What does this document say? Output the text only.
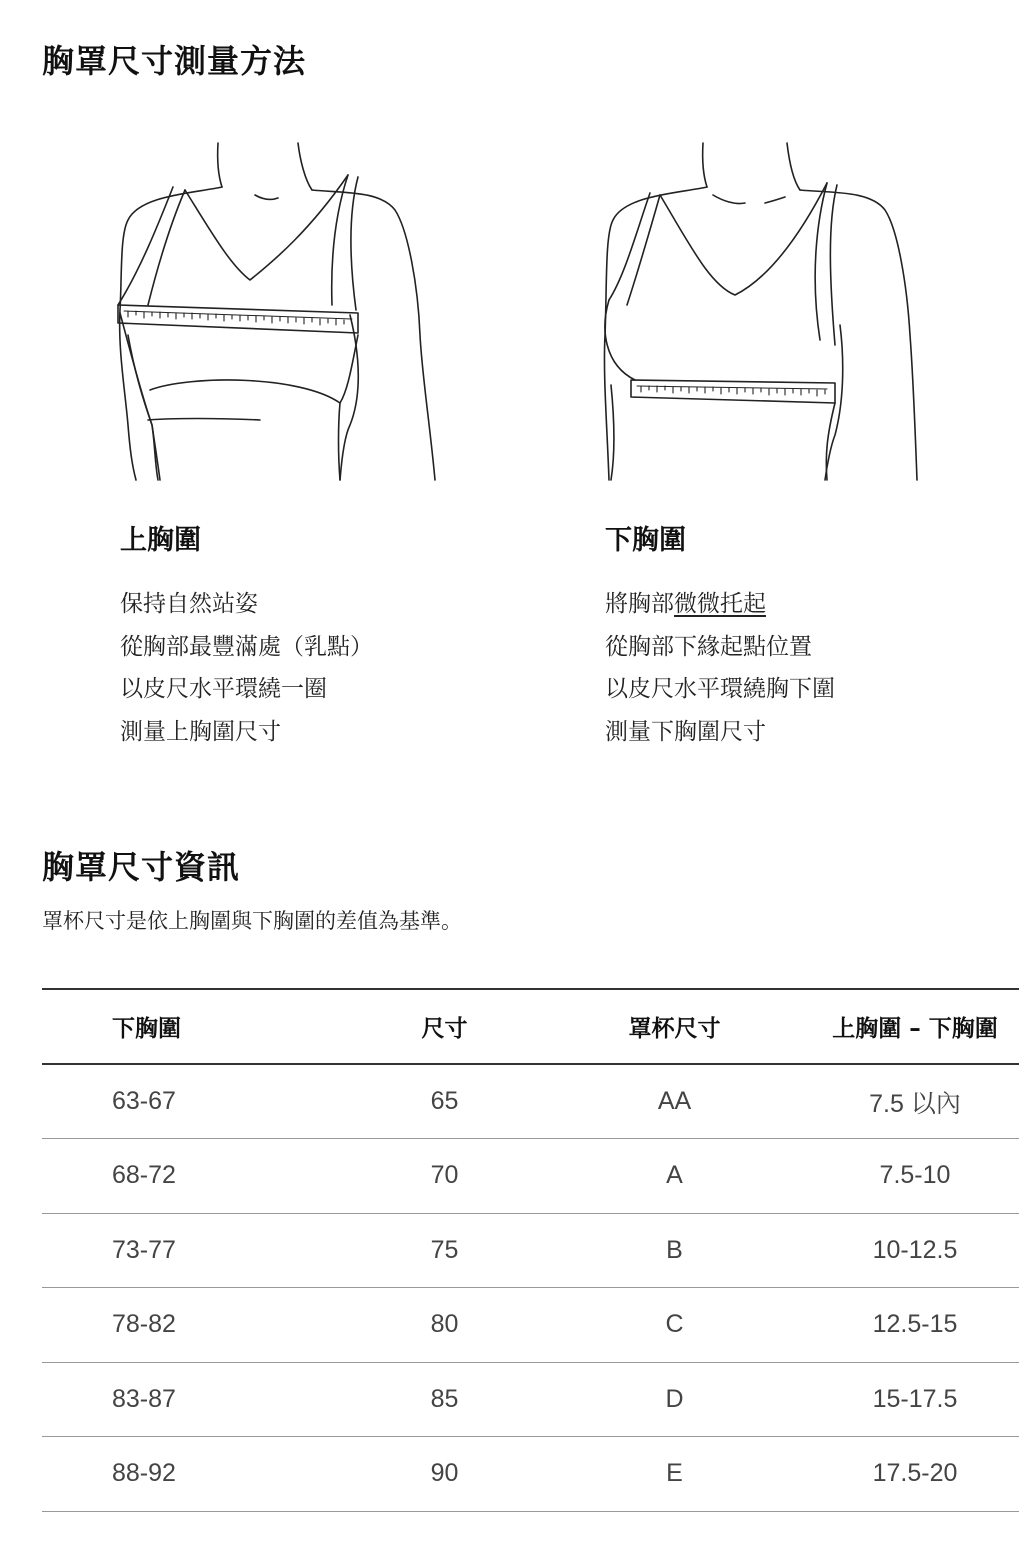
胸罩尺寸測量方法
上胸圍

保持自然站姿

從胸部最豐滿處（乳點）

以皮尺水平環繞一圈

測量上胸圍尺寸

下胸圍

將胸部微微托起

從胸部下緣起點位置

以皮尺水平環繞胸下圍

測量下胸圍尺寸

胸罩尺寸資訊

罩杯尺寸是依上胸圍與下胸圍的差值為基準。

下胸圍	尺寸	罩杯尺寸	上胸圍 – 下胸圍
63-67	65	AA	7.5 以內
68-72	70	A	7.5-10
73-77	75	B	10-12.5
78-82	80	C	12.5-15
83-87	85	D	15-17.5
88-92	90	E	17.5-20
